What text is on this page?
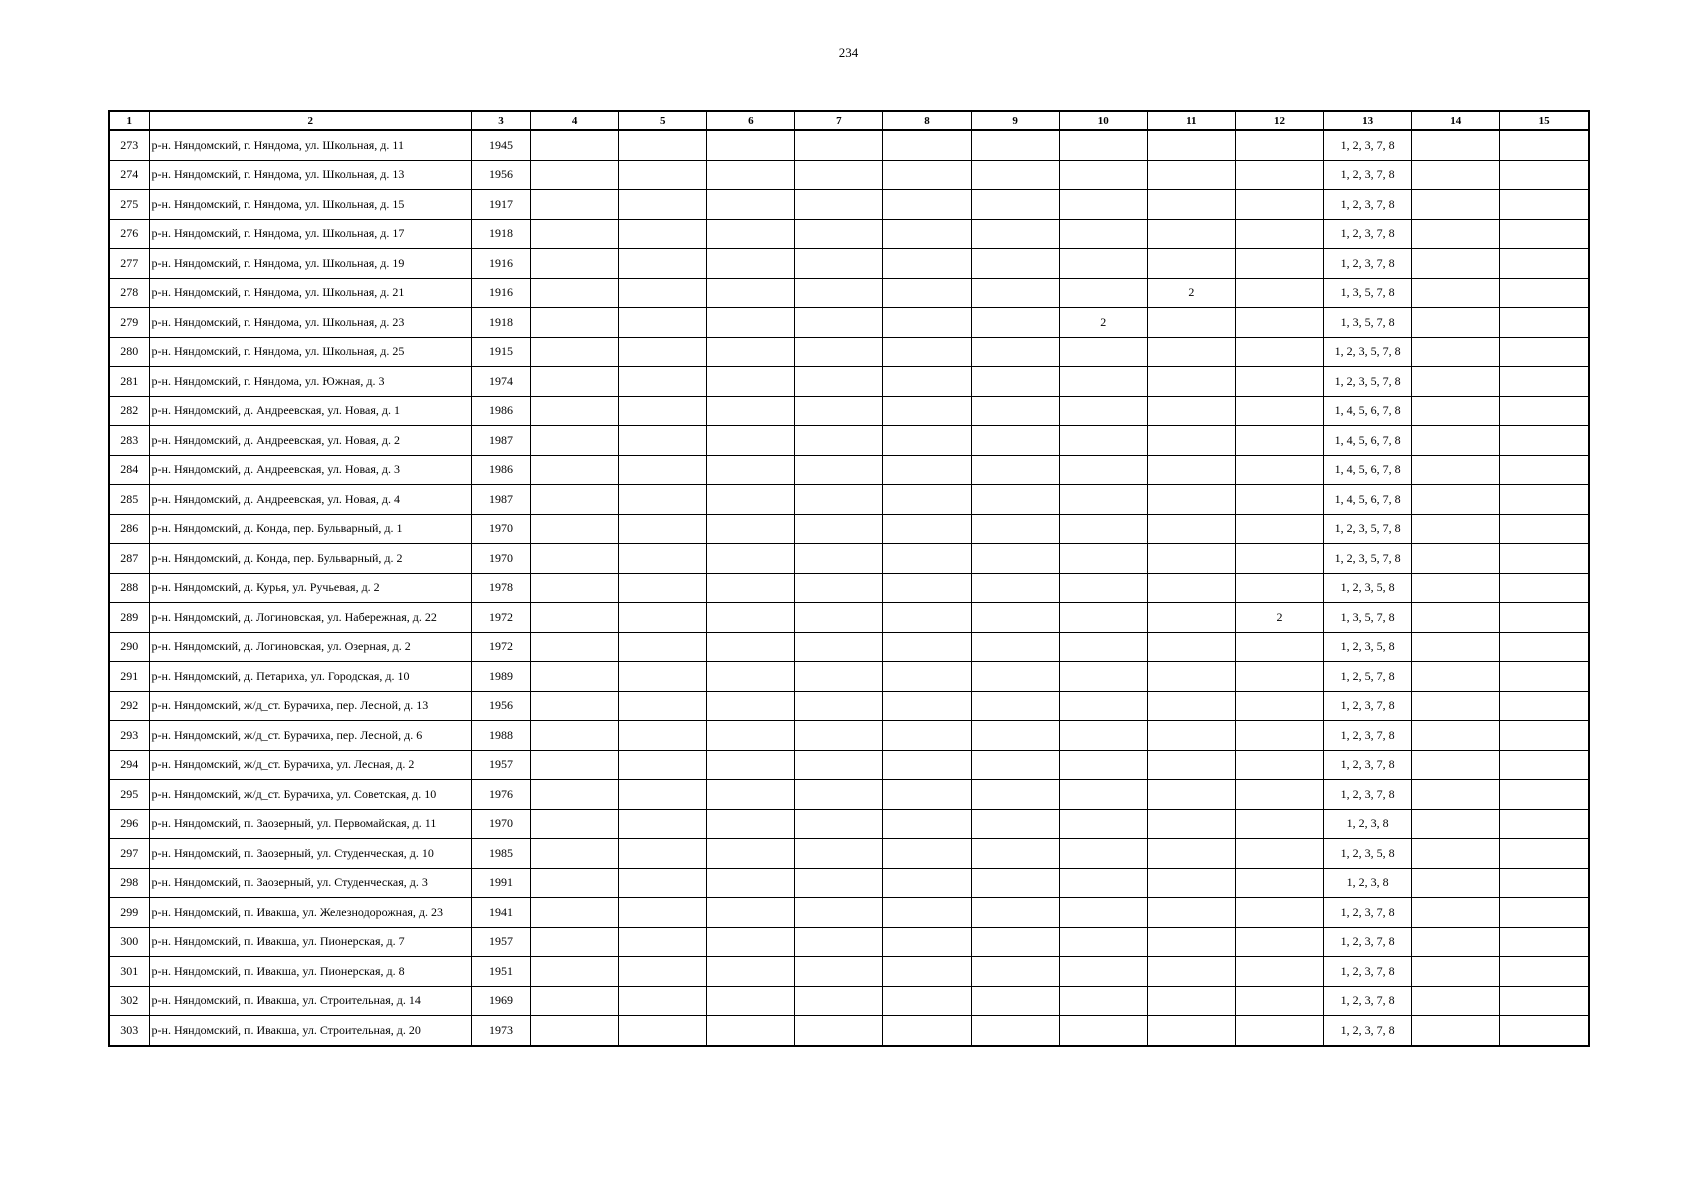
234
1	2	3	4	5	6	7	8	9	10	11	12	13	14	15
273	р-н. Няндомский, г. Няндома, ул. Школьная, д. 11	1945										1, 2, 3, 7, 8		
274	р-н. Няндомский, г. Няндома, ул. Школьная, д. 13	1956										1, 2, 3, 7, 8		
275	р-н. Няндомский, г. Няндома, ул. Школьная, д. 15	1917										1, 2, 3, 7, 8		
276	р-н. Няндомский, г. Няндома, ул. Школьная, д. 17	1918										1, 2, 3, 7, 8		
277	р-н. Няндомский, г. Няндома, ул. Школьная, д. 19	1916										1, 2, 3, 7, 8		
278	р-н. Няндомский, г. Няндома, ул. Школьная, д. 21	1916								2		1, 3, 5, 7, 8		
279	р-н. Няндомский, г. Няндома, ул. Школьная, д. 23	1918							2			1, 3, 5, 7, 8		
280	р-н. Няндомский, г. Няндома, ул. Школьная, д. 25	1915										1, 2, 3, 5, 7, 8		
281	р-н. Няндомский, г. Няндома, ул. Южная, д. 3	1974										1, 2, 3, 5, 7, 8		
282	р-н. Няндомский, д. Андреевская, ул. Новая, д. 1	1986										1, 4, 5, 6, 7, 8		
283	р-н. Няндомский, д. Андреевская, ул. Новая, д. 2	1987										1, 4, 5, 6, 7, 8		
284	р-н. Няндомский, д. Андреевская, ул. Новая, д. 3	1986										1, 4, 5, 6, 7, 8		
285	р-н. Няндомский, д. Андреевская, ул. Новая, д. 4	1987										1, 4, 5, 6, 7, 8		
286	р-н. Няндомский, д. Конда, пер. Бульварный, д. 1	1970										1, 2, 3, 5, 7, 8		
287	р-н. Няндомский, д. Конда, пер. Бульварный, д. 2	1970										1, 2, 3, 5, 7, 8		
288	р-н. Няндомский, д. Курья, ул. Ручьевая, д. 2	1978										1, 2, 3, 5, 8		
289	р-н. Няндомский, д. Логиновская, ул. Набережная, д. 22	1972									2	1, 3, 5, 7, 8		
290	р-н. Няндомский, д. Логиновская, ул. Озерная, д. 2	1972										1, 2, 3, 5, 8		
291	р-н. Няндомский, д. Петариха, ул. Городская, д. 10	1989										1, 2, 5, 7, 8		
292	р-н. Няндомский, ж/д_ст. Бурачиха, пер. Лесной, д. 13	1956										1, 2, 3, 7, 8		
293	р-н. Няндомский, ж/д_ст. Бурачиха, пер. Лесной, д. 6	1988										1, 2, 3, 7, 8		
294	р-н. Няндомский, ж/д_ст. Бурачиха, ул. Лесная, д. 2	1957										1, 2, 3, 7, 8		
295	р-н. Няндомский, ж/д_ст. Бурачиха, ул. Советская, д. 10	1976										1, 2, 3, 7, 8		
296	р-н. Няндомский, п. Заозерный, ул. Первомайская, д. 11	1970										1, 2, 3, 8		
297	р-н. Няндомский, п. Заозерный, ул. Студенческая, д. 10	1985										1, 2, 3, 5, 8		
298	р-н. Няндомский, п. Заозерный, ул. Студенческая, д. 3	1991										1, 2, 3, 8		
299	р-н. Няндомский, п. Ивакша, ул. Железнодорожная, д. 23	1941										1, 2, 3, 7, 8		
300	р-н. Няндомский, п. Ивакша, ул. Пионерская, д. 7	1957										1, 2, 3, 7, 8		
301	р-н. Няндомский, п. Ивакша, ул. Пионерская, д. 8	1951										1, 2, 3, 7, 8		
302	р-н. Няндомский, п. Ивакша, ул. Строительная, д. 14	1969										1, 2, 3, 7, 8		
303	р-н. Няндомский, п. Ивакша, ул. Строительная, д. 20	1973										1, 2, 3, 7, 8		
